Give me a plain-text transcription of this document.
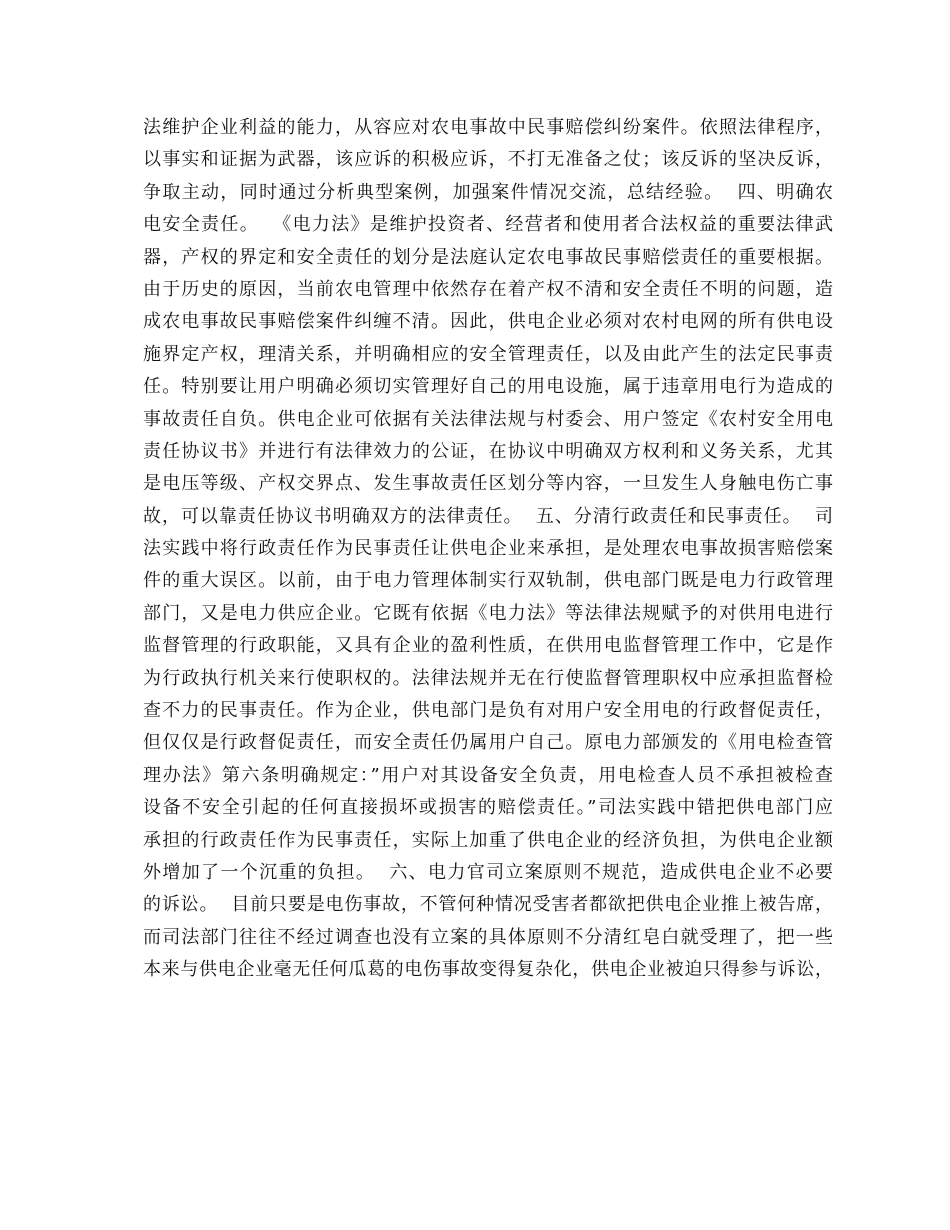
法维护企业利益的能力，从容应对农电事故中民事赔偿纠纷案件。依照法律程序，
以事实和证据为武器，该应诉的积极应诉，不打无准备之仗；该反诉的坚决反诉，
争取主动，同时通过分析典型案例，加强案件情况交流，总结经验。  四、明确农
电安全责任。  《电力法》是维护投资者、经营者和使用者合法权益的重要法律武
器，产权的界定和安全责任的划分是法庭认定农电事故民事赔偿责任的重要根据。
由于历史的原因，当前农电管理中依然存在着产权不清和安全责任不明的问题，造
成农电事故民事赔偿案件纠缠不清。因此，供电企业必须对农村电网的所有供电设
施界定产权，理清关系，并明确相应的安全管理责任，以及由此产生的法定民事责
任。特别要让用户明确必须切实管理好自己的用电设施，属于违章用电行为造成的
事故责任自负。供电企业可依据有关法律法规与村委会、用户签定《农村安全用电
责任协议书》并进行有法律效力的公证，在协议中明确双方权利和义务关系，尤其
是电压等级、产权交界点、发生事故责任区划分等内容，一旦发生人身触电伤亡事
故，可以靠责任协议书明确双方的法律责任。  五、分清行政责任和民事责任。  司
法实践中将行政责任作为民事责任让供电企业来承担，是处理农电事故损害赔偿案
件的重大误区。以前，由于电力管理体制实行双轨制，供电部门既是电力行政管理
部门，又是电力供应企业。它既有依据《电力法》等法律法规赋予的对供用电进行
监督管理的行政职能，又具有企业的盈利性质，在供用电监督管理工作中，它是作
为行政执行机关来行使职权的。法律法规并无在行使监督管理职权中应承担监督检
查不力的民事责任。作为企业，供电部门是负有对用户安全用电的行政督促责任，
但仅仅是行政督促责任，而安全责任仍属用户自己。原电力部颁发的《用电检查管
理办法》第六条明确规定：”用户对其设备安全负责，用电检查人员不承担被检查
设备不安全引起的任何直接损坏或损害的赔偿责任。”司法实践中错把供电部门应
承担的行政责任作为民事责任，实际上加重了供电企业的经济负担，为供电企业额
外增加了一个沉重的负担。  六、电力官司立案原则不规范，造成供电企业不必要
的诉讼。  目前只要是电伤事故，不管何种情况受害者都欲把供电企业推上被告席，
而司法部门往往不经过调查也没有立案的具体原则不分清红皂白就受理了，把一些
本来与供电企业毫无任何瓜葛的电伤事故变得复杂化，供电企业被迫只得参与诉讼，
